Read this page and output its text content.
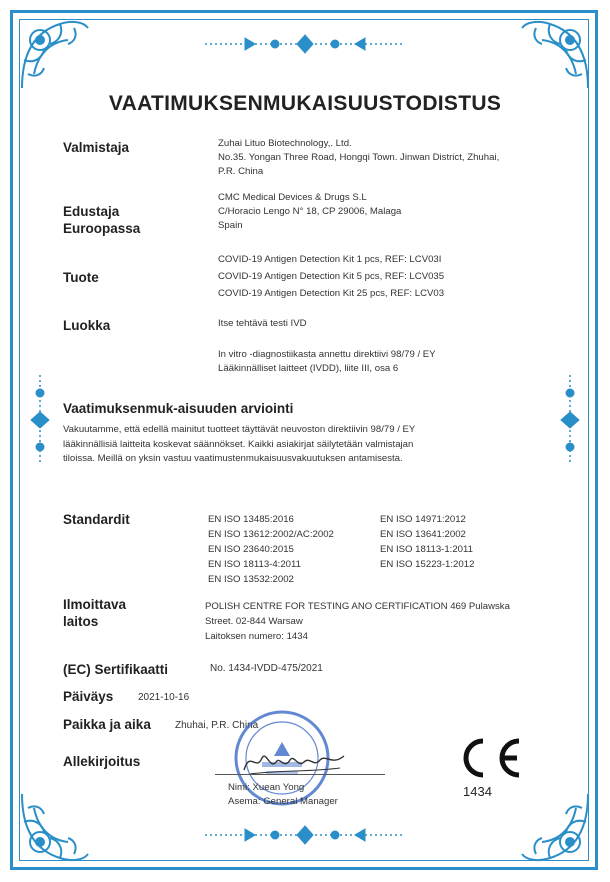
VAATIMUKSENMUKAISUUSTODISTUS
Valmistaja	Zuhai Lituo Biotechnology,. Ltd.
No.35. Yongan Three Road, Hongqi Town. Jinwan District, Zhuhai,
P.R. China
Edustaja
Euroopassa
CMC Medical Devices & Drugs S.L
C/Horacio Lengo N° 18, CP 29006, Malaga
Spain
Tuote
COVID-19 Antigen Detection Kit 1 pcs, REF: LCV03I
COVID-19 Antigen Detection Kit 5 pcs, REF: LCV035
COVID-19 Antigen Detection Kit 25 pcs, REF: LCV03
Luokka	Itse tehtävä testi IVD
In vitro -diagnostiikasta annettu direktiivi 98/79 / EY
Lääkinnälliset laitteet (IVDD), liite III, osa 6
Vaatimuksenmuk-aisuuden arviointi
Vakuutamme, että edellä mainitut tuotteet täyttävät neuvoston direktiivin 98/79 / EY
lääkinnällisiä laitteita koskevat säännökset. Kaikki asiakirjat säilytetään valmistajan
tiloissa. Meillä on yksin vastuu vaatimustenmukaisuusvakuutuksen antamisesta.
Standardit	EN ISO 13485:2016
EN ISO 13612:2002/AC:2002
EN ISO 23640:2015
EN ISO 18113-4:2011
EN ISO 13532:2002
EN ISO 14971:2012
EN ISO 13641:2002
EN ISO 18113-1:2011
EN ISO 15223-1:2012
Ilmoittava
laitos
POLISH CENTRE FOR TESTING ANO CERTIFICATION 469 Pulawska
Street. 02-844 Warsaw
Laitoksen numero: 1434
(EC) Sertifikaatti	No. 1434-IVDD-475/2021
Päiväys 2021-10-16
Paikka ja aika Zhuhai, P.R. China
Allekirjoitus
Nimi: Xuean Yong
Asema: General Manager
1434
